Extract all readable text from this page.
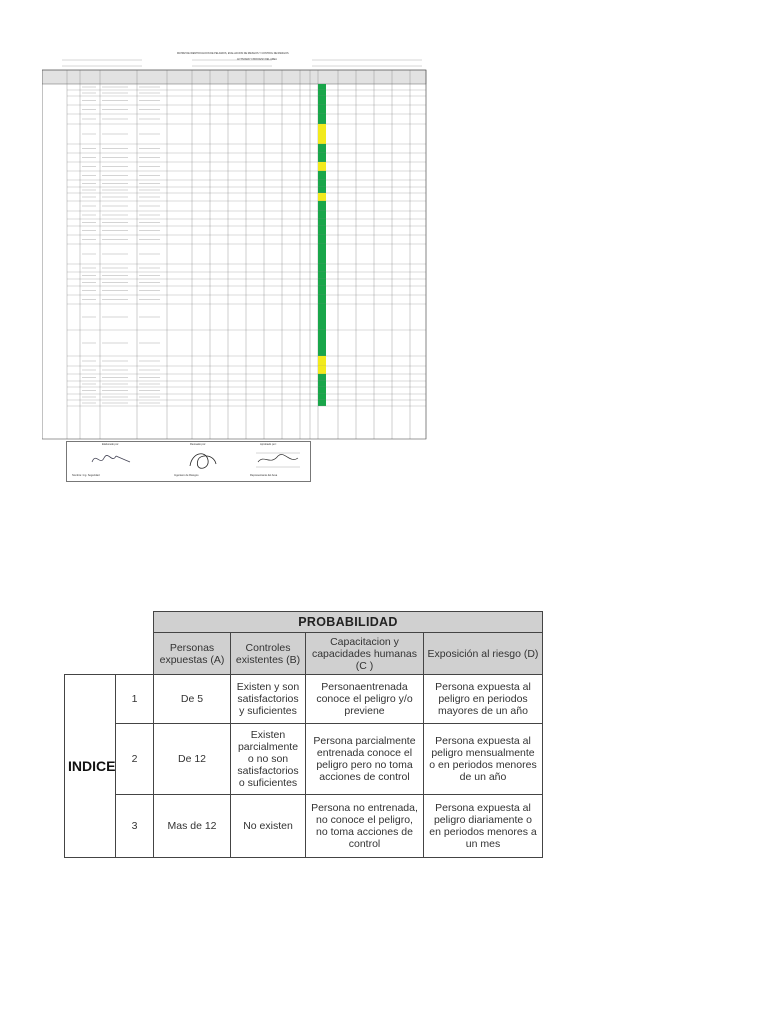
MATRIZ DE IDENTIFICACION DE PELIGROS, EVALUACION DE RIESGOS Y CONTROL DE RIESGOS
ACTIVIDAD Y PROCESO DEL AREA
Elaborado por:	Revisado por:	Aprobado por:
Nombre: Ing. Seguridad	Ingeniero de Riesgos	Representante del Area
		PROBABILIDAD			
		Personas expuestas (A)	Controles existentes (B)	Capacitacion y capacidades humanas (C )	Exposición al riesgo (D)
INDICE	1	De 5	Existen y son satisfactorios y suficientes	Personaentrenada conoce el peligro y/o previene	Persona expuesta al peligro en periodos mayores de un año
	2	De 12	Existen parcialmente o no son satisfactorios o suficientes	Persona parcialmente entrenada conoce el peligro pero no toma acciones de control	Persona expuesta al peligro mensualmente o en periodos menores de un año
	3	Mas de 12	No existen	Persona no entrenada, no conoce el peligro, no toma acciones de control	Persona expuesta al peligro diariamente o en periodos menores a un mes
